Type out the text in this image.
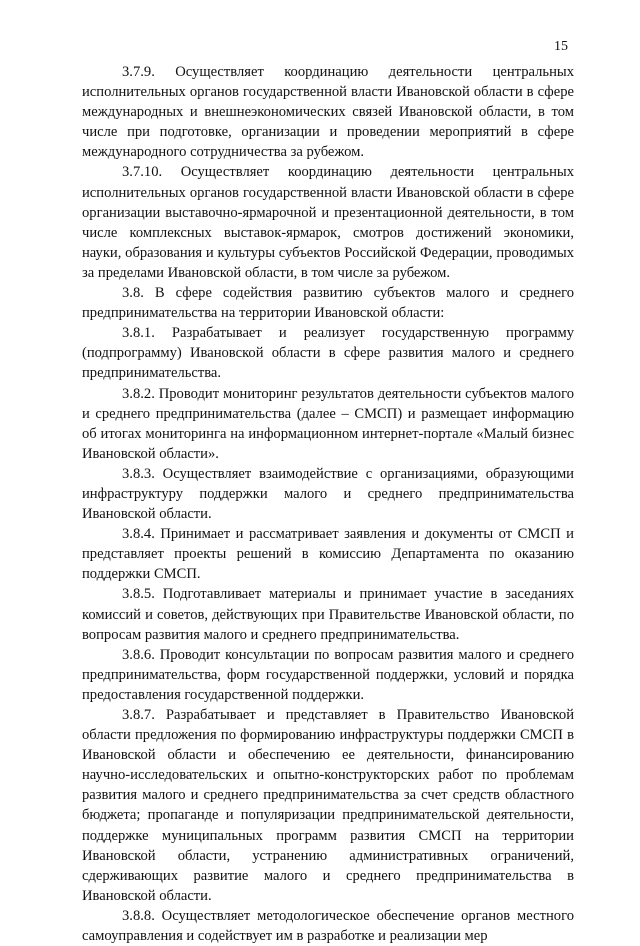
15

3.7.9. Осуществляет координацию деятельности центральных исполнительных органов государственной власти Ивановской области в сфере международных и внешнеэкономических связей Ивановской области, в том числе при подготовке, организации и проведении мероприятий в сфере международного сотрудничества за рубежом.

3.7.10. Осуществляет координацию деятельности центральных исполнительных органов государственной власти Ивановской области в сфере организации выставочно-ярмарочной и презентационной деятельности, в том числе комплексных выставок-ярмарок, смотров достижений экономики, науки, образования и культуры субъектов Российской Федерации, проводимых за пределами Ивановской области, в том числе за рубежом.

3.8. В сфере содействия развитию субъектов малого и среднего предпринимательства на территории Ивановской области:

3.8.1. Разрабатывает и реализует государственную программу (подпрограмму) Ивановской области в сфере развития малого и среднего предпринимательства.

3.8.2. Проводит мониторинг результатов деятельности субъектов малого и среднего предпринимательства (далее – СМСП) и размещает информацию об итогах мониторинга на информационном интернет-портале «Малый бизнес Ивановской области».

3.8.3. Осуществляет взаимодействие с организациями, образующими инфраструктуру поддержки малого и среднего предпринимательства Ивановской области.

3.8.4. Принимает и рассматривает заявления и документы от СМСП и представляет проекты решений в комиссию Департамента по оказанию поддержки СМСП.

3.8.5. Подготавливает материалы и принимает участие в заседаниях комиссий и советов, действующих при Правительстве Ивановской области, по вопросам развития малого и среднего предпринимательства.

3.8.6. Проводит консультации по вопросам развития малого и среднего предпринимательства, форм государственной поддержки, условий и порядка предоставления государственной поддержки.

3.8.7. Разрабатывает и представляет в Правительство Ивановской области предложения по формированию инфраструктуры поддержки СМСП в Ивановской области и обеспечению ее деятельности, финансированию научно-исследовательских и опытно-конструкторских работ по проблемам развития малого и среднего предпринимательства за счет средств областного бюджета; пропаганде и популяризации предпринимательской деятельности, поддержке муниципальных программ развития СМСП на территории Ивановской области, устранению административных ограничений, сдерживающих развитие малого и среднего предпринимательства в Ивановской области.

3.8.8. Осуществляет методологическое обеспечение органов местного самоуправления и содействует им в разработке и реализации мер
